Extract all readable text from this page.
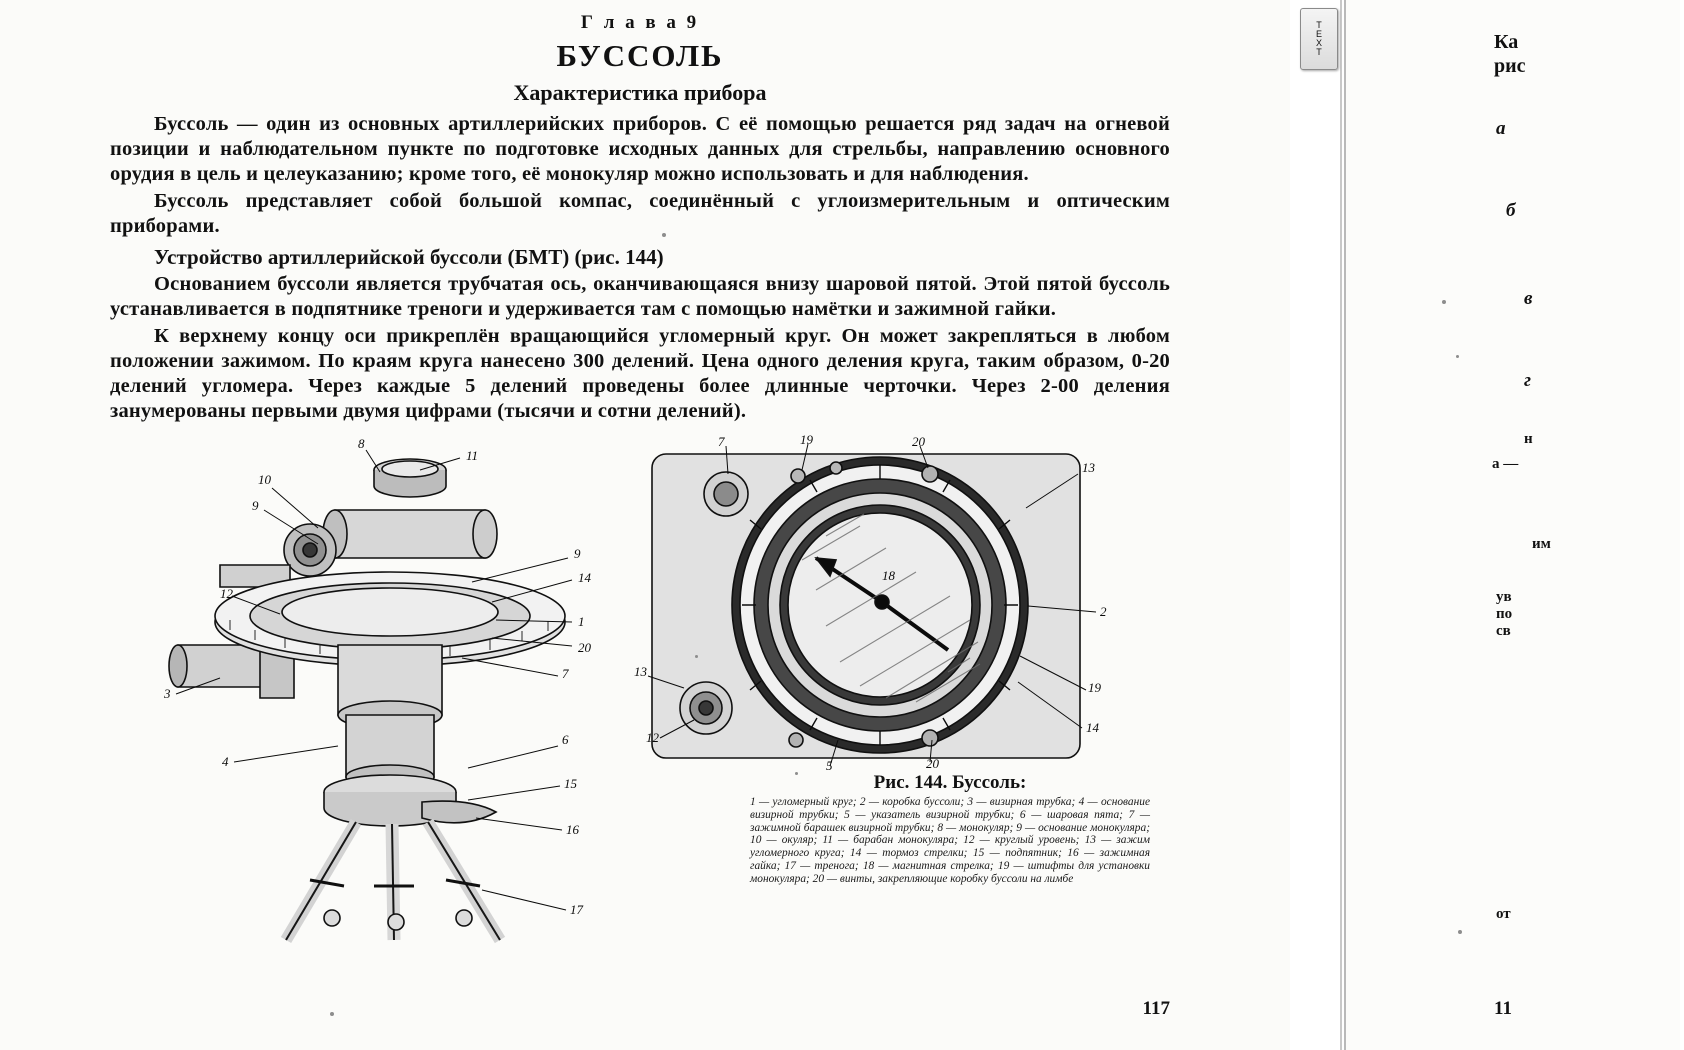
Г л а в а 9
БУССОЛЬ
Характеристика прибора

Буссоль — один из основных артиллерийских приборов. С её помощью решается ряд задач на огневой позиции и наблюдательном пункте по подготовке исходных данных для стрельбы, направлению основного орудия в цель и целеуказанию; кроме того, её монокуляр можно использовать и для наблюдения.

Буссоль представляет собой большой компас, соединённый с углоизмерительным и оптическим приборами.

Устройство артиллерийской буссоли (БМТ) (рис. 144)

Основанием буссоли является трубчатая ось, оканчивающаяся внизу шаровой пятой. Этой пятой буссоль устанавливается в подпятнике треноги и удерживается там с помощью намётки и зажимной гайки.

К верхнему концу оси прикреплён вращающийся угломерный круг. Он может закрепляться в любом положении зажимом. По краям круга нанесено 300 делений. Цена одного деления круга, таким образом, 0-20 делений угломера. Через каждые 5 делений проведены более длинные черточки. Через 2-00 деления занумерованы первыми двумя цифрами (тысячи и сотни делений).

8
11
10
9
9
14
12
1
20
3
7
4
6
15
16
17
7	19	20
13
2
19
14
13
12
5	20
18
Рис. 144. Буссоль:
1 — угломерный круг; 2 — коробка буссоли; 3 — визирная трубка; 4 — основание визирной трубки; 5 — указатель визирной трубки; 6 — шаровая пята; 7 — зажимной барашек визирной трубки; 8 — монокуляр; 9 — основание монокуляра; 10 — окуляр; 11 — барабан монокуляра; 12 — круглый уровень; 13 — зажим угломерного круга; 14 — тормоз стрелки; 15 — подпятник; 16 — зажимная гайка; 17 — тренога; 18 — магнитная стрелка; 19 — штифты для установки монокуляра; 20 — винты, закрепляющие коробку буссоли на лимбе
117
T
E
X
T	Ка
рис
а
б
в
г
н
а —
им
ув
по
св
от
11
